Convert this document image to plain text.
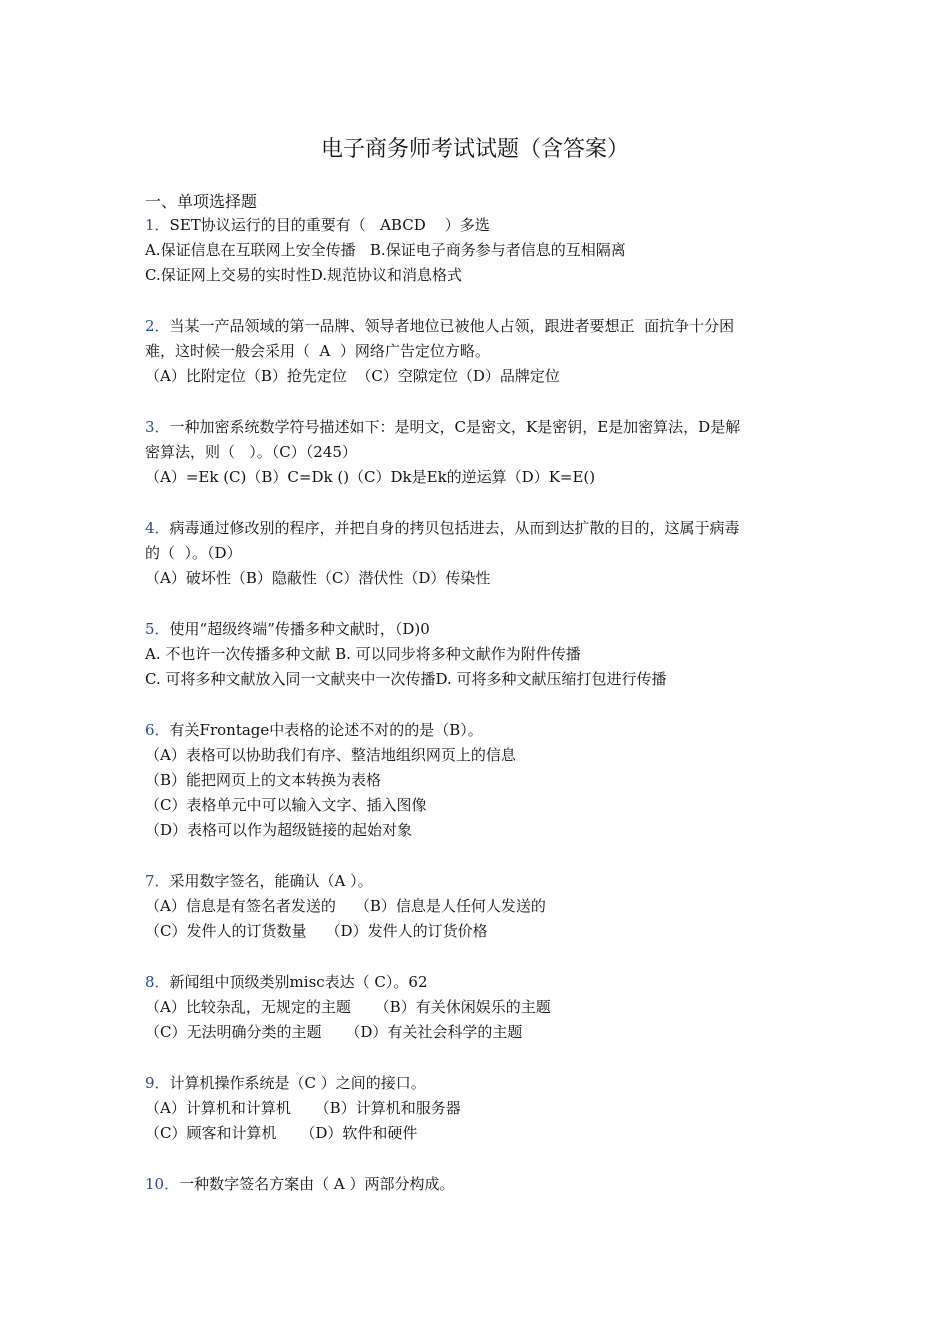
电子商务师考试试题（含答案）
一、单项选择题

1．SET协议运行的目的重要有（   ABCD    ）多选

A.保证信息在互联网上安全传播   B.保证电子商务参与者信息的互相隔离

C.保证网上交易的实时性D.规范协议和消息格式

2．当某一产品领域的第一品牌、领导者地位已被他人占领，跟进者要想正  面抗争十分困

难，这时候一般会采用（  A  ）网络广告定位方略。

（A）比附定位（B）抢先定位  （C）空隙定位（D）品牌定位

3．一种加密系统数学符号描述如下：是明文，C是密文，K是密钥，E是加密算法，D是解

密算法，则（   ）。（C）（245）

（A）=Ek (C)（B）C=Dk ()（C）Dk是Ek的逆运算（D）K=E()

4．病毒通过修改别的程序，并把自身的拷贝包括进去，从而到达扩散的目的，这属于病毒

的（  ）。（D）

（A）破坏性（B）隐蔽性（C）潜伏性（D）传染性

5．使用“超级终端”传播多种文献时，（D)0

A. 不也许一次传播多种文献 B. 可以同步将多种文献作为附件传播

C. 可将多种文献放入同一文献夹中一次传播D. 可将多种文献压缩打包进行传播

6．有关Frontage中表格的论述不对的的是（B）。

（A）表格可以协助我们有序、整洁地组织网页上的信息

（B）能把网页上的文本转换为表格

（C）表格单元中可以输入文字、插入图像

（D）表格可以作为超级链接的起始对象

7．采用数字签名，能确认（A ）。

（A）信息是有签名者发送的    （B）信息是人任何人发送的

（C）发件人的订货数量    （D）发件人的订货价格

8．新闻组中顶级类别misc表达（ C）。62

（A）比较杂乱，无规定的主题     （B）有关休闲娱乐的主题

（C）无法明确分类的主题     （D）有关社会科学的主题

9．计算机操作系统是（C ）之间的接口。

（A）计算机和计算机     （B）计算机和服务器

（C）顾客和计算机     （D）软件和硬件

10．一种数字签名方案由（ A ）两部分构成。
